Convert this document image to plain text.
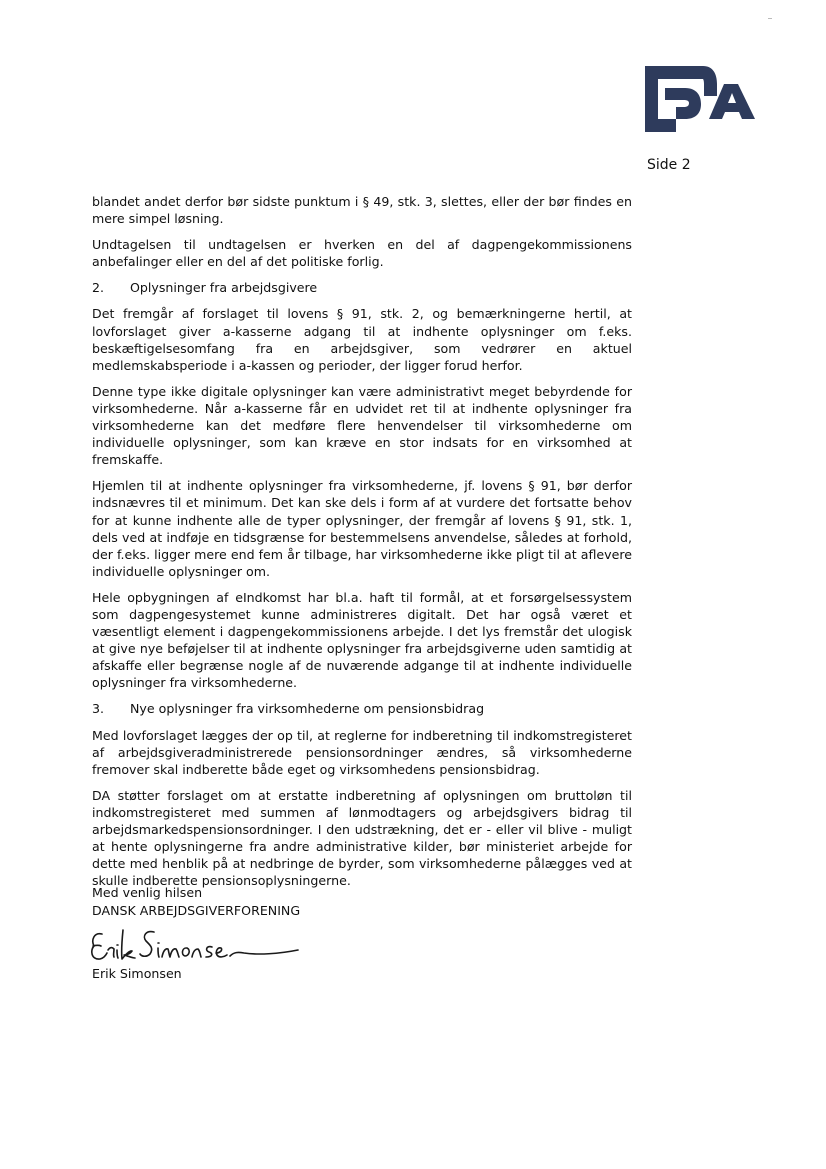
Side 2

blandet andet derfor bør sidste punktum i § 49, stk. 3, slettes, eller der bør findes en mere simpel løsning.

Undtagelsen til undtagelsen er hverken en del af dagpengekommissionens anbefalinger eller en del af det politiske forlig.

2.	Oplysninger fra arbejdsgivere

Det fremgår af forslaget til lovens § 91, stk. 2, og bemærkningerne hertil, at lovforslaget giver a-kasserne adgang til at indhente oplysninger om f.eks. beskæftigelsesomfang fra en arbejdsgiver, som vedrører en aktuel medlemskabsperiode i a-kassen og perioder, der ligger forud herfor.

Denne type ikke digitale oplysninger kan være administrativt meget bebyrdende for virksomhederne. Når a-kasserne får en udvidet ret til at indhente oplysninger fra virksomhederne kan det medføre flere henvendelser til virksomhederne om individuelle oplysninger, som kan kræve en stor indsats for en virksomhed at fremskaffe.

Hjemlen til at indhente oplysninger fra virksomhederne, jf. lovens § 91, bør derfor indsnævres til et minimum. Det kan ske dels i form af at vurdere det fortsatte behov for at kunne indhente alle de typer oplysninger, der fremgår af lovens § 91, stk. 1, dels ved at indføje en tidsgrænse for bestemmelsens anvendelse, således at forhold, der f.eks. ligger mere end fem år tilbage, har virksomhederne ikke pligt til at aflevere individuelle oplysninger om.

Hele opbygningen af eIndkomst har bl.a. haft til formål, at et forsørgelsessystem som dagpengesystemet kunne administreres digitalt. Det har også været et væsentligt element i dagpengekommissionens arbejde. I det lys fremstår det ulogisk at give nye beføjelser til at indhente oplysninger fra arbejdsgiverne uden samtidig at afskaffe eller begrænse nogle af de nuværende adgange til at indhente individuelle oplysninger fra virksomhederne.

3.	Nye oplysninger fra virksomhederne om pensionsbidrag

Med lovforslaget lægges der op til, at reglerne for indberetning til indkomstregisteret af arbejdsgiveradministrerede pensionsordninger ændres, så virksomhederne fremover skal indberette både eget og virksomhedens pensionsbidrag.

DA støtter forslaget om at erstatte indberetning af oplysningen om bruttoløn til indkomstregisteret med summen af lønmodtagers og arbejdsgivers bidrag til arbejdsmarkedspensionsordninger. I den udstrækning, det er - eller vil blive - muligt at hente oplysningerne fra andre administrative kilder, bør ministeriet arbejde for dette med henblik på at nedbringe de byrder, som virksomhederne pålægges ved at skulle indberette pensionsoplysningerne.

Med venlig hilsen
DANSK ARBEJDSGIVERFORENING
Erik Simonsen
